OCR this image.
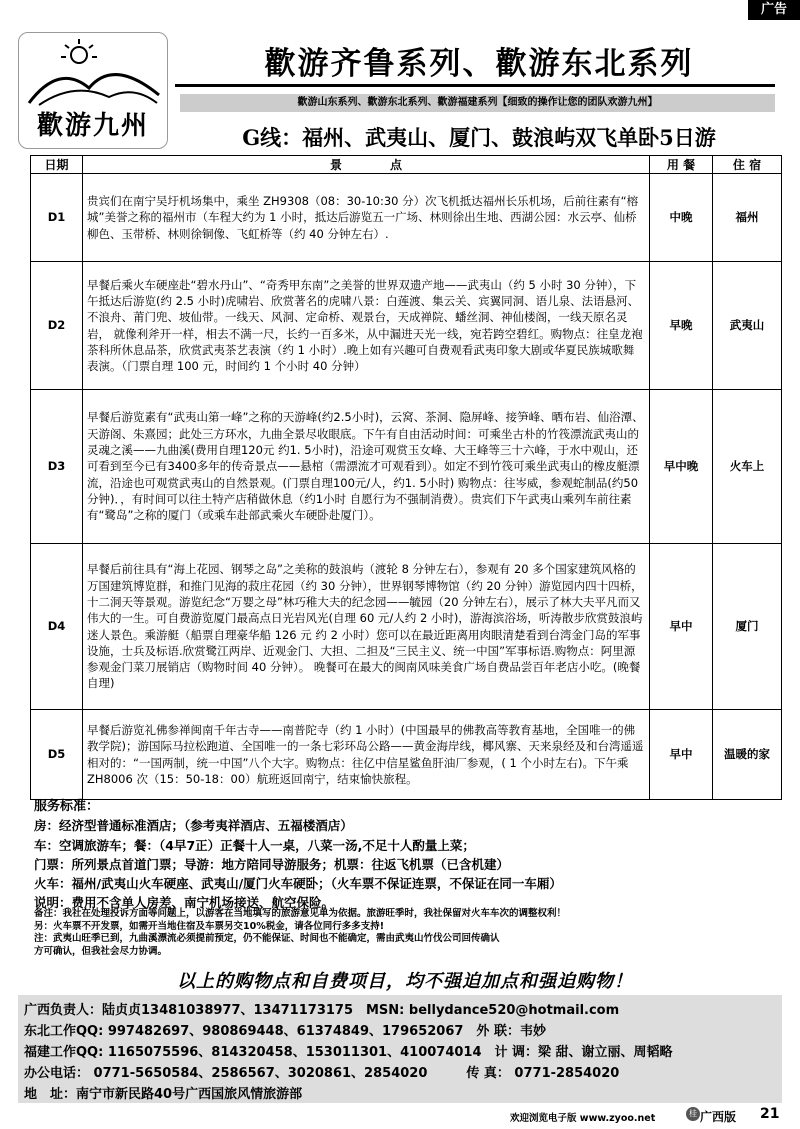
广告
歡游九州
歡游齐鲁系列、歡游东北系列
歡游山东系列、歡游东北系列、歡游福建系列【细致的操作让您的团队欢游九州】
G线：福州、武夷山、厦门、鼓浪屿双飞单卧5日游
日期	景　　　　点	用 餐	住 宿
D1	贵宾们在南宁吴圩机场集中，乘坐 ZH9308（08：30-10:30 分）次飞机抵达福州长乐机场，后前往素有“榕城”美誉之称的福州市（车程大约为 1 小时，抵达后游览五一广场、林则徐出生地、西湖公园：水云亭、仙桥柳色、玉带桥、林则徐铜像、飞虹桥等（约 40 分钟左右）.	中晚	福州
D2	早餐后乘火车硬座赴“碧水丹山”、“奇秀甲东南”之美誉的世界双遗产地——武夷山（约 5 小时 30 分钟），下午抵达后游览(约 2.5 小时)虎啸岩、欣赏著名的虎啸八景：白莲渡、集云关、宾翼同洞、语儿泉、法语悬河、不浪舟、莆门兜、坡仙带。一线天、风洞、定命桥、观景台，天成禅院、蟠丝洞、神仙楼阁，一线天原名灵岩， 就像利斧开一样，相去不满一尺，长约一百多米，从中漏进天光一线，宛若跨空碧红。购物点：往皇龙袍茶科所休息品茶，欣赏武夷茶艺表演（约 1 小时）.晚上如有兴趣可自费观看武夷印象大剧或华夏民族城歌舞表演。（门票自理 100 元，时间约 1 个小时 40 分钟）	早晚	武夷山
D3	早餐后游览素有“武夷山第一峰”之称的天游峰(约2.5小时)，云窝、茶洞、隐屏峰、接笋峰、晒布岩、仙浴潭、天游阁、朱熹园；此处三方环水，九曲全景尽收眼底。下午有自由活动时间：可乘坐古朴的竹筏漂流武夷山的灵魂之溪——九曲溪(费用自理120元 约1. 5小时)，沿途可观赏玉女峰、大王峰等三十六峰，于水中观山，还可看到至今已有3400多年的传奇景点——悬棺（需漂流才可观看到）。如定不到竹筏可乘坐武夷山的橡皮艇漂流，沿途也可观赏武夷山的自然景观。(门票自理100元/人，约1. 5小时) 购物点：往岑威，参观蛇制品(约50分钟)．，有时间可以往土特产店稍做休息（约1小时 自愿行为不强制消费）。贵宾们下午武夷山乘列车前往素有“鹭岛”之称的厦门（或乘车赴部武乘火车硬卧赴厦门）。	早中晚	火车上
D4	早餐后前往具有“海上花园、钢琴之岛”之美称的鼓浪屿（渡轮 8 分钟左右），参观有 20 多个国家建筑风格的万国建筑博览群，和推门见海的菽庄花园（约 30 分钟），世界钢琴博物馆（约 20 分钟）游览园内四十四桥，十二洞天等景观。游览纪念“万婴之母”林巧稚大夫的纪念园——毓园（20 分钟左右），展示了林大夫平凡而又伟大的一生。可自费游览厦门最高点日光岩风光(自理 60 元/人约 2 小时)，游海滨浴场，听涛散步欣赏鼓浪屿迷人景色。乘游艇（船票自理豪华船 126 元 约 2 小时）您可以在最近距离用肉眼清楚看到台湾金门岛的军事设施，士兵及标语.欣赏鹭江两岸、近观金门、大担、二担及“三民主义、统一中国”军事标语.购物点：阿里源参观金门菜刀展销店（购物时间 40 分钟）。 晚餐可在最大的闽南风味美食广场自费品尝百年老店小吃。(晚餐自理)	早中	厦门
D5	早餐后游览礼佛参禅闽南千年古寺——南普陀寺（约 1 小时）(中国最早的佛教高等教育基地，全国唯一的佛教学院)；游国际马拉松跑道、全国唯一的一条七彩环岛公路——黄金海岸线，椰风寨、天来泉经及和台湾遥遥相对的：“一国两制，统一中国”八个大字。购物点：往亿中信星鲨鱼肝油厂参观，( 1 个小时左右)。下午乘 ZH8006 次（15：50-18：00）航班返回南宁，结束愉快旅程。	早中	温暖的家
服务标准：
房：经济型普通标准酒店；（参考夷祥酒店、五福楼酒店）
车：空调旅游车；餐：（4早7正）正餐十人一桌，八菜一汤,不足十人酌量上菜；
门票：所列景点首道门票；导游：地方陪同导游服务；机票：往返飞机票（已含机建）
火车：福州/武夷山火车硬座、武夷山/厦门火车硬卧；（火车票不保证连票，不保证在同一车厢）
说明：费用不含单人房差、南宁机场接送、航空保险。
备注：我社在处理投诉方面等问题上，以游客在当地填写的旅游意见单为依据。旅游旺季时，我社保留对火车车次的调整权利！
另：火车票不开发票，如需开当地住宿及车票另交10%税金，请各位同行多多支持!
注：武夷山旺季已到，九曲溪漂流必须提前预定，仍不能保证、时间也不能确定，需由武夷山竹伐公司回传确认
方可确认，但我社会尽力协调。
以上的购物点和自费项目，均不强迫加点和强迫购物！
广西负责人：陆贞贞13481038977、13471173175　MSN: bellydance520@hotmail.com
东北工作QQ: 997482697、980869448、61374849、179652067　外 联：韦妙
福建工作QQ: 1165075596、814320458、153011301、410074014　计 调：梁 甜、谢立丽、周韬略
办公电话： 0771-5650584、2586567、3020861、2854020　　　传 真： 0771-2854020
地　址：南宁市新民路40号广西国旅风情旅游部
欢迎浏览电子版 www.zyoo.net	桂 广西版 21
